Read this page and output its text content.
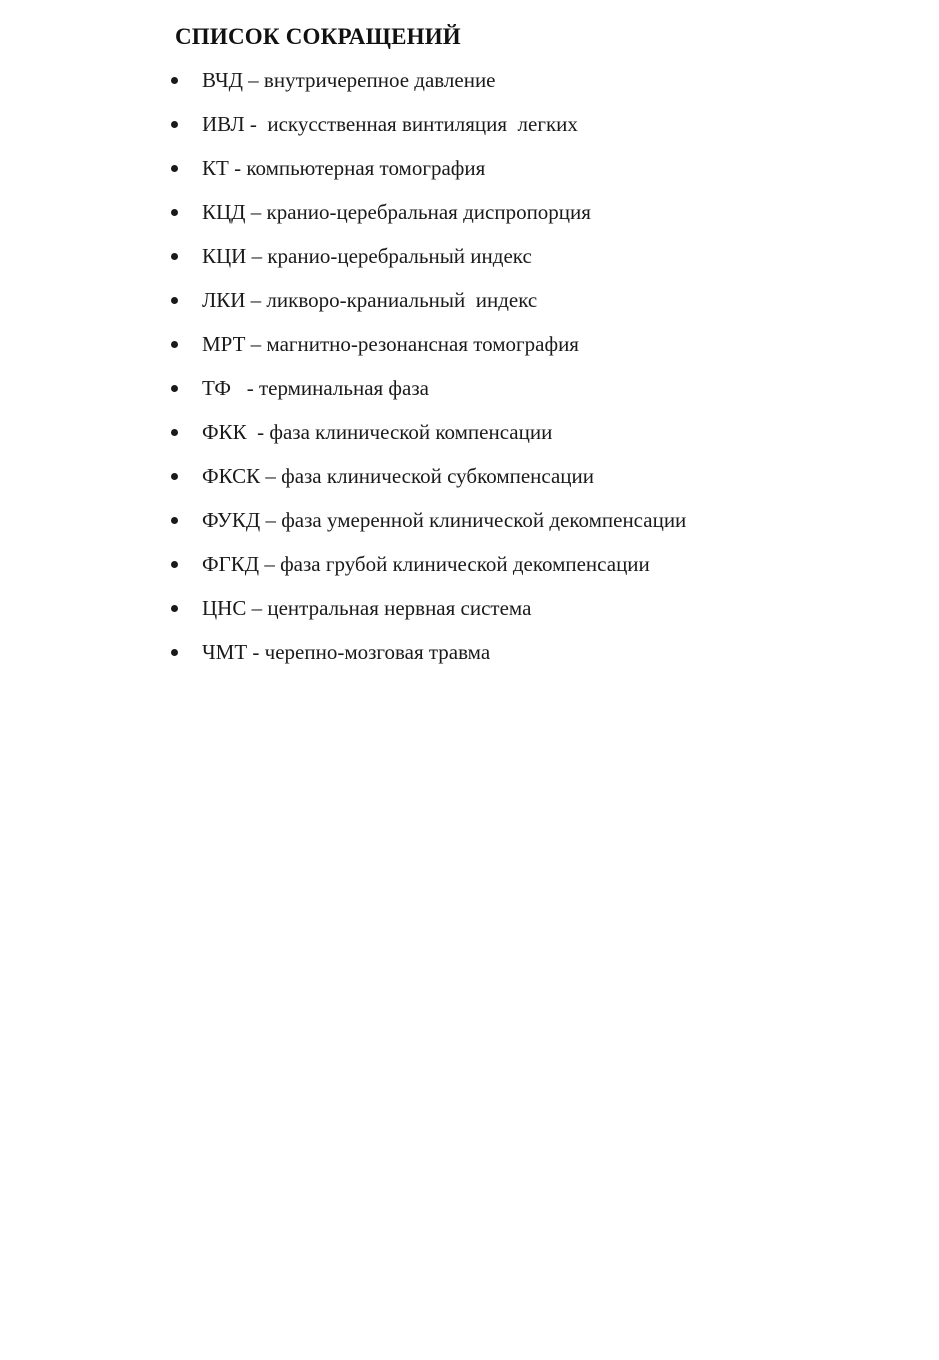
СПИСОК СОКРАЩЕНИЙ
ВЧД – внутричерепное давление
ИВЛ -  искусственная винтиляция  легких
КТ - компьютерная томография
КЦД – кранио-церебральная диспропорция
КЦИ – кранио-церебральный индекс
ЛКИ – ликворо-краниальный  индекс
МРТ – магнитно-резонансная томография
ТФ   - терминальная фаза
ФКК  - фаза клинической компенсации
ФКСК – фаза клинической субкомпенсации
ФУКД – фаза умеренной клинической декомпенсации
ФГКД – фаза грубой клинической декомпенсации
ЦНС – центральная нервная система
ЧМТ - черепно-мозговая травма
